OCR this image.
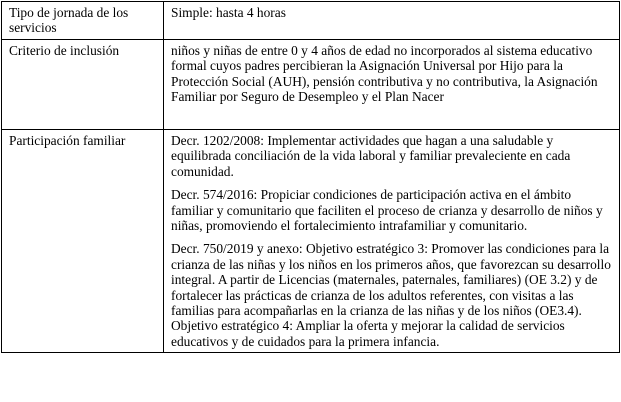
Tipo de jornada de los servicios	Simple: hasta 4 horas

Criterio de inclusión	niños y niñas de entre 0 y 4 años de edad no incorporados al sistema educativo formal cuyos padres percibieran la Asignación Universal por Hijo para la Protección Social (AUH), pensión contributiva y no contributiva, la Asignación Familiar por Seguro de Desempleo y el Plan Nacer

Participación familiar	Decr. 1202/2008: Implementar actividades que hagan a una saludable y equilibrada conciliación de la vida laboral y familiar prevaleciente en cada comunidad.

Decr. 574/2016: Propiciar condiciones de participación activa en el ámbito familiar y comunitario que faciliten el proceso de crianza y desarrollo de niños y niñas, promoviendo el fortalecimiento intrafamiliar y comunitario.

Decr. 750/2019 y anexo: Objetivo estratégico 3: Promover las condiciones para la crianza de las niñas y los niños en los primeros años, que favorezcan su desarrollo integral. A partir de Licencias (maternales, paternales, familiares) (OE 3.2) y de fortalecer las prácticas de crianza de los adultos referentes, con visitas a las familias para acompañarlas en la crianza de las niñas y de los niños (OE3.4). Objetivo estratégico 4: Ampliar la oferta y mejorar la calidad de servicios educativos y de cuidados para la primera infancia.
